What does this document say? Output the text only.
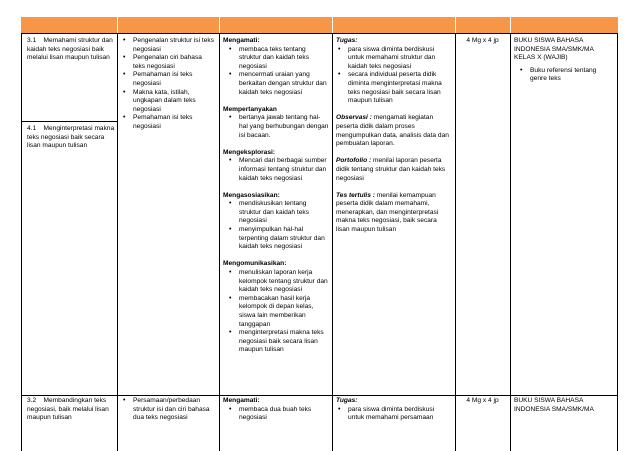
3.1 Memahami struktur dan kaidah teks negosiasi baik melalui lisan maupun tulisan

4.1 Menginterpretasi makna teks negosiasi baik secara lisan maupun tulisan

• Pengenalan struktur isi teks negosiasi
• Pengenalan ciri bahasa teks negosiasi
• Pemahaman isi teks negosiasi
• Makna kata, istilah, ungkapan dalam teks negosiasi
• Pemahaman isi teks negosiasi

Mengamati:

• membaca teks tentang struktur dan kaidah teks negosiasi
• mencermati uraian yang berkaitan dengan struktur dan kaidah teks negosiasi

Mempertanyakan

• bertanya jawab tentang hal-hal yang berhubungan dengan isi bacaan.

Mengeksplorasi:

• Mencari dari berbagai sumber informasi tentang struktur dan kaidah teks negosiasi

Mengasosiasikan:

• mendiskusikan tentang struktur dan kaidah teks negosiasi
• menyimpulkan hal-hal terpenting dalam struktur dan kaidah teks negosiasi

Mengomunikasikan:

• menuliskan laporan kerja kelompok tentang struktur dan kaidah teks negosiasi
• membacakan hasil kerja kelompok di depan kelas, siswa lain memberikan tanggapan
• menginterpretasi makna teks negosiasi baik secara lisan maupun tulisan

Tugas:

• para siswa diminta berdiskusi untuk memahami struktur dan kaidah teks negosiasi
• secara individual peserta didik diminta menginterpretasi makna teks negosiasi baik secara lisan maupun tulisan

Observasi : mengamati kegiatan peserta didik dalam proses mengumpulkan data, analisis data dan pembuatan laporan.

Portofolio : menilai laporan peserta didik tentang struktur dan kaidah teks negosiasi

Tes tertulis : menilai kemampuan peserta didik dalam memahami, menerapkan, dan menginterpretasi makna teks negosiasi, baik secara lisan maupun tulisan

4 Mg x 4 jp	BUKU SISWA BAHASA INDONESIA SMA/SMK/MA KELAS X (WAJIB)

• Buku referensi tentang genre teks

3.2 Membandingkan teks negosiasi, baik melalui lisan maupun tulisan

• Persamaan/perbedaan struktur isi dan ciri bahasa dua teks negosiasi

Mengamati:

• membaca dua buah teks negosiasi

Tugas:

• para siswa diminta berdiskusi untuk memahami persamaan
4 Mg x 4 jp	BUKU SISWA BAHASA INDONESIA SMA/SMK/MA
